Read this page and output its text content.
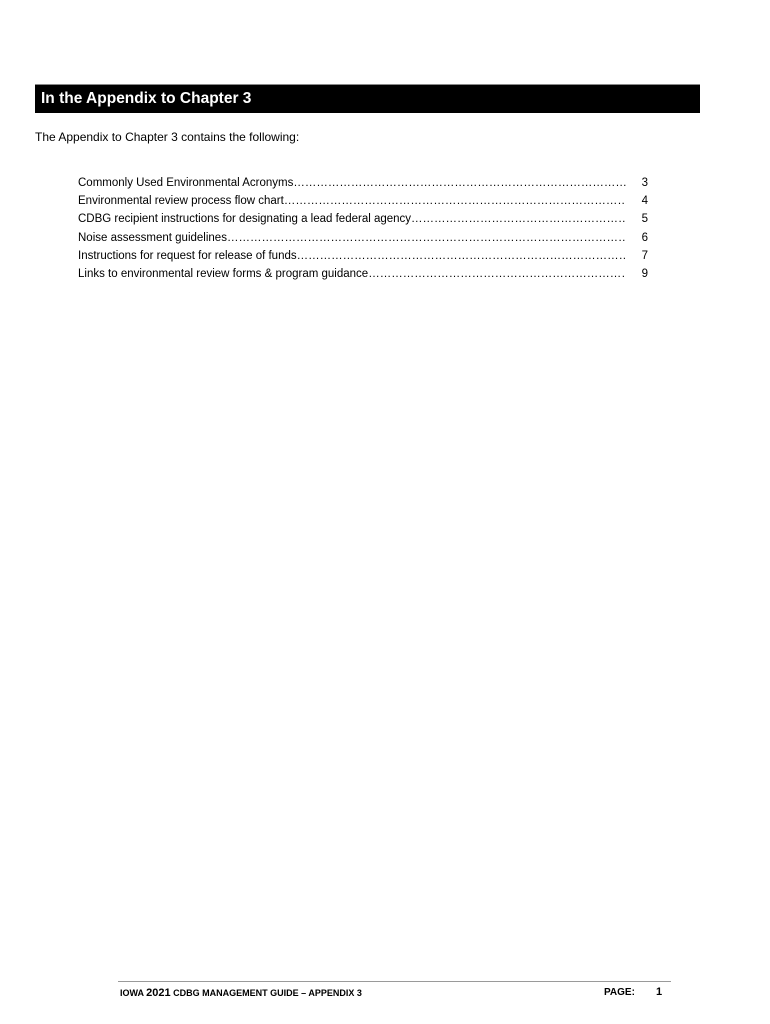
In the Appendix to Chapter 3
The Appendix to Chapter 3 contains the following:
Commonly Used Environmental Acronyms ……………………………………………………………………………………………………………………………………………………	3
Environmental review process flow chart ……………………………………………………………………………………………………………………………………………………	4
CDBG recipient instructions for designating a lead federal agency ……………………………………………………………………………………………………………………………………………………	5
Noise assessment guidelines ……………………………………………………………………………………………………………………………………………………	6
Instructions for request for release of funds ……………………………………………………………………………………………………………………………………………………	7
Links to environmental review forms & program guidance ……………………………………………………………………………………………………………………………………………………	9
IOWA 2021 CDBG MANAGEMENT GUIDE – APPENDIX 3	PAGE: 1
